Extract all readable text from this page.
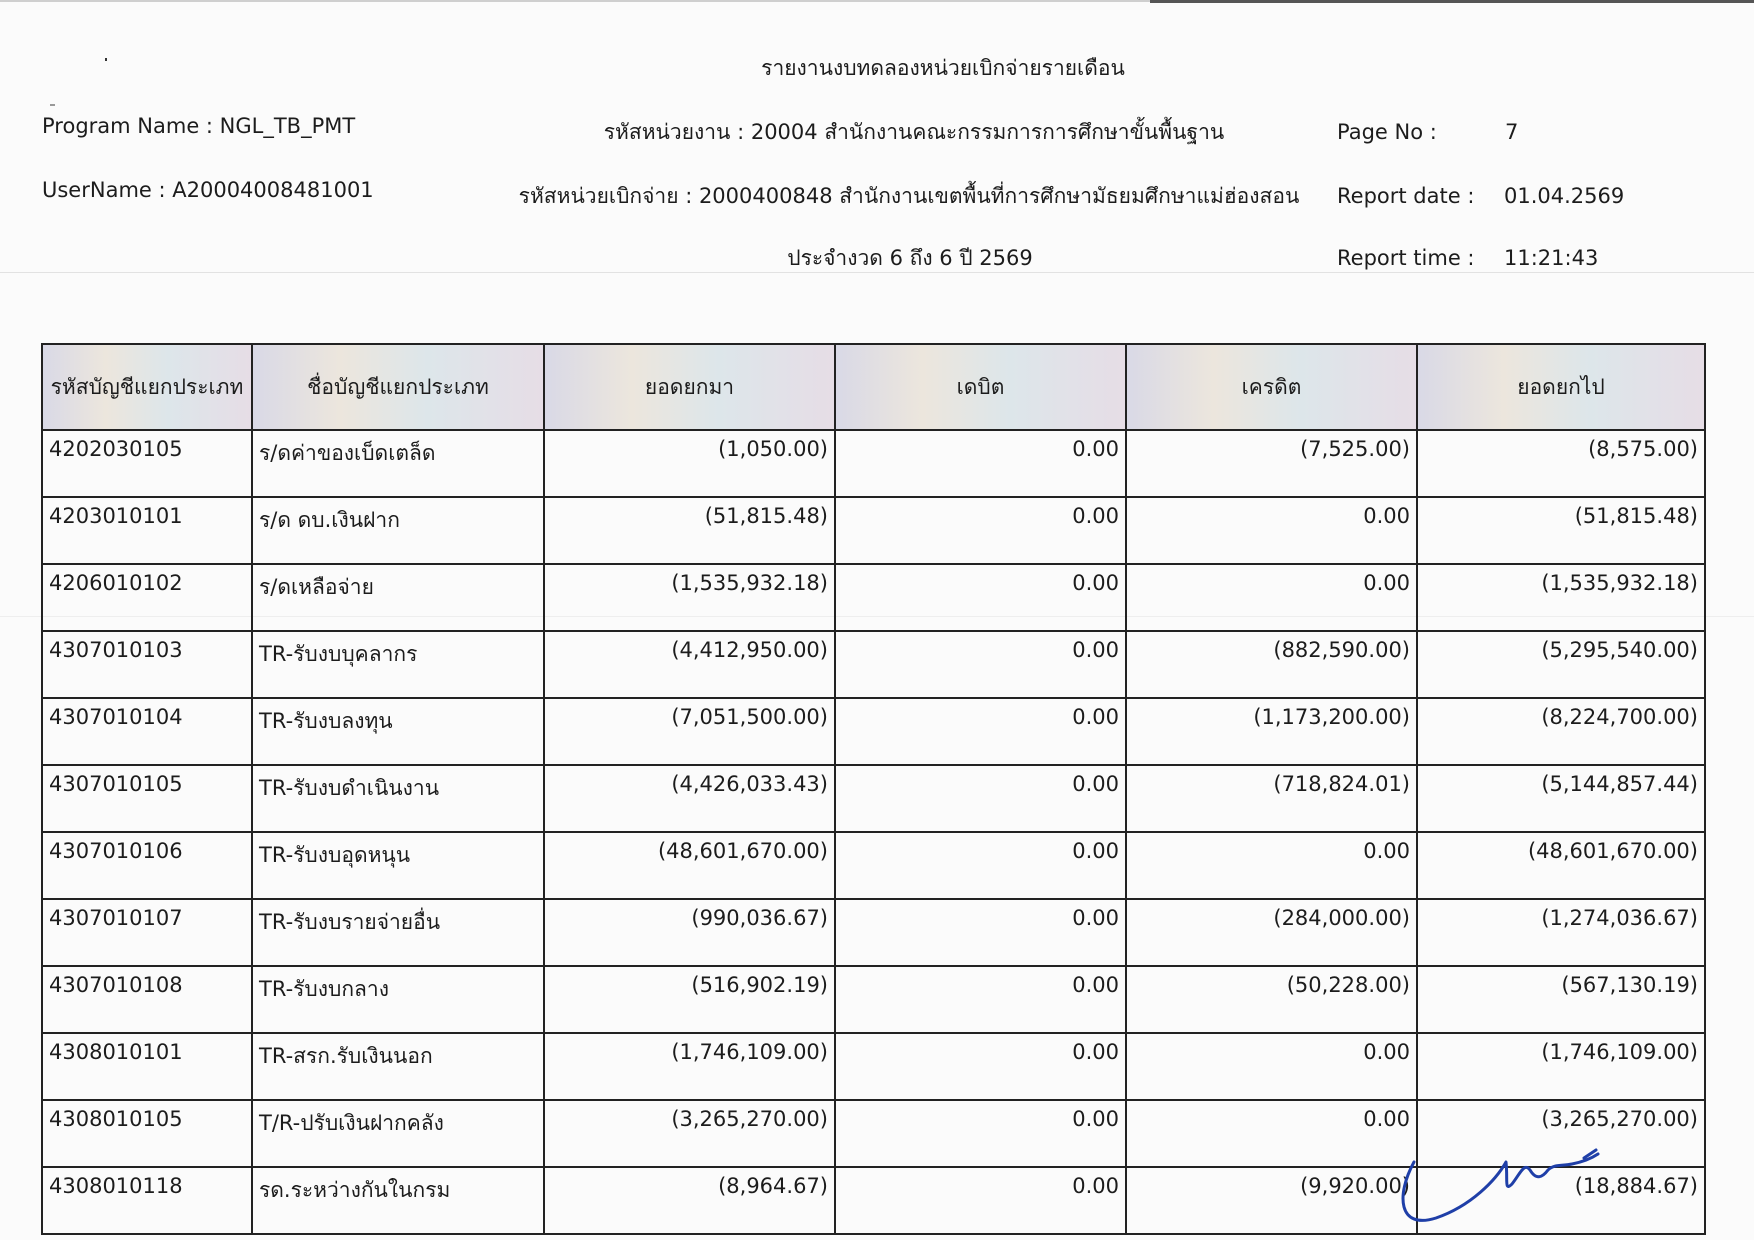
รายงานงบทดลองหน่วยเบิกจ่ายรายเดือน
Program Name : NGL_TB_PMT	รหัสหน่วยงาน : 20004 สำนักงานคณะกรรมการการศึกษาขั้นพื้นฐาน	Page No :	7
UserName : A20004008481001	รหัสหน่วยเบิกจ่าย : 2000400848 สำนักงานเขตพื้นที่การศึกษามัธยมศึกษาแม่ฮ่องสอน Report date : 01.04.2569
ประจำงวด 6 ถึง 6 ปี 2569	Report time : 11:21:43
รหัสบัญชีแยกประเภท	ชื่อบัญชีแยกประเภท	ยอดยกมา	เดบิต	เครดิต	ยอดยกไป
4202030105	ร/ดค่าของเบ็ดเตล็ด	(1,050.00)	0.00	(7,525.00)	(8,575.00)
4203010101	ร/ด ดบ.เงินฝาก	(51,815.48)	0.00	0.00	(51,815.48)
4206010102	ร/ดเหลือจ่าย	(1,535,932.18)	0.00	0.00	(1,535,932.18)
4307010103	TR-รับงบบุคลากร	(4,412,950.00)	0.00	(882,590.00)	(5,295,540.00)
4307010104	TR-รับงบลงทุน	(7,051,500.00)	0.00	(1,173,200.00)	(8,224,700.00)
4307010105	TR-รับงบดำเนินงาน	(4,426,033.43)	0.00	(718,824.01)	(5,144,857.44)
4307010106	TR-รับงบอุดหนุน	(48,601,670.00)	0.00	0.00	(48,601,670.00)
4307010107	TR-รับงบรายจ่ายอื่น	(990,036.67)	0.00	(284,000.00)	(1,274,036.67)
4307010108	TR-รับงบกลาง	(516,902.19)	0.00	(50,228.00)	(567,130.19)
4308010101	TR-สรก.รับเงินนอก	(1,746,109.00)	0.00	0.00	(1,746,109.00)
4308010105	T/R-ปรับเงินฝากคลัง	(3,265,270.00)	0.00	0.00	(3,265,270.00)
4308010118	รด.ระหว่างกันในกรม	(8,964.67)	0.00	(9,920.00)	(18,884.67)
